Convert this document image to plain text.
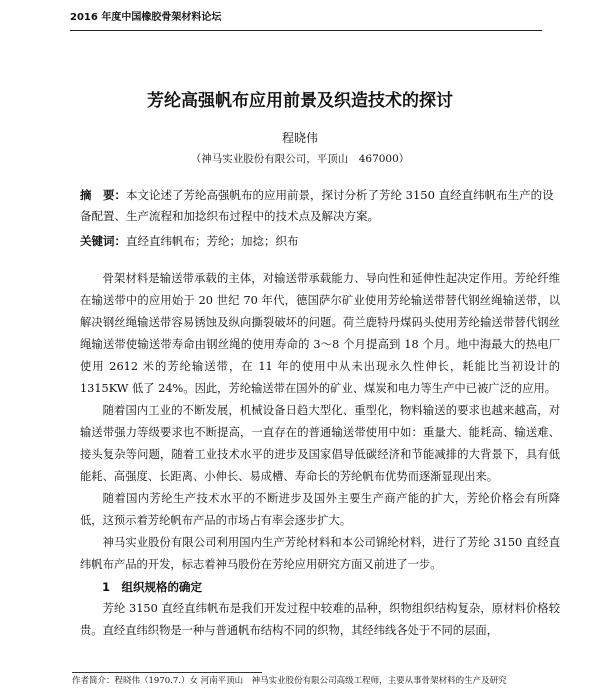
2016 年度中国橡胶骨架材料论坛
芳纶高强帆布应用前景及织造技术的探讨
程晓伟
（神马实业股份有限公司，平顶山　467000）
摘　要：本文论述了芳纶高强帆布的应用前景，探讨分析了芳纶 3150 直经直纬帆布生产的设备配置、生产流程和加捻织布过程中的技术点及解决方案。
关键词：直经直纬帆布；芳纶；加捻；织布

骨架材料是输送带承载的主体，对输送带承载能力、导向性和延伸性起决定作用。芳纶纤维在输送带中的应用始于 20 世纪 70 年代，德国萨尔矿业使用芳纶输送带替代钢丝绳输送带，以解决钢丝绳输送带容易锈蚀及纵向撕裂破坏的问题。荷兰鹿特丹煤码头使用芳纶输送带替代钢丝绳输送带使输送带寿命由钢丝绳的使用寿命的 3～8 个月提高到 18 个月。地中海最大的热电厂使用 2612 米的芳纶输送带，在 11 年的使用中从未出现永久性伸长，耗能比当初设计的 1315KW 低了 24%。因此，芳纶输送带在国外的矿业、煤炭和电力等生产中已被广泛的应用。

随着国内工业的不断发展，机械设备日趋大型化、重型化，物料输送的要求也越来越高，对输送带强力等级要求也不断提高，一直存在的普通输送带使用中如：重量大、能耗高、输送难、接头复杂等问题，随着工业技术水平的进步及国家倡导低碳经济和节能减排的大背景下，具有低能耗、高强度、长距离、小伸长、易成槽、寿命长的芳纶帆布优势而逐渐显现出来。

随着国内芳纶生产技术水平的不断进步及国外主要生产商产能的扩大，芳纶价格会有所降低，这预示着芳纶帆布产品的市场占有率会逐步扩大。

神马实业股份有限公司利用国内生产芳纶材料和本公司锦纶材料，进行了芳纶 3150 直经直纬帆布产品的开发，标志着神马股份在芳纶应用研究方面又前进了一步。

1　组织规格的确定

芳纶 3150 直经直纬帆布是我们开发过程中较难的品种，织物组织结构复杂，原材料价格较贵。直经直纬织物是一种与普通帆布结构不同的织物，其经纬线各处于不同的层面，

作者简介：程晓伟（1970.7.）女 河南平顶山　神马实业股份有限公司高级工程师，主要从事骨架材料的生产及研究
